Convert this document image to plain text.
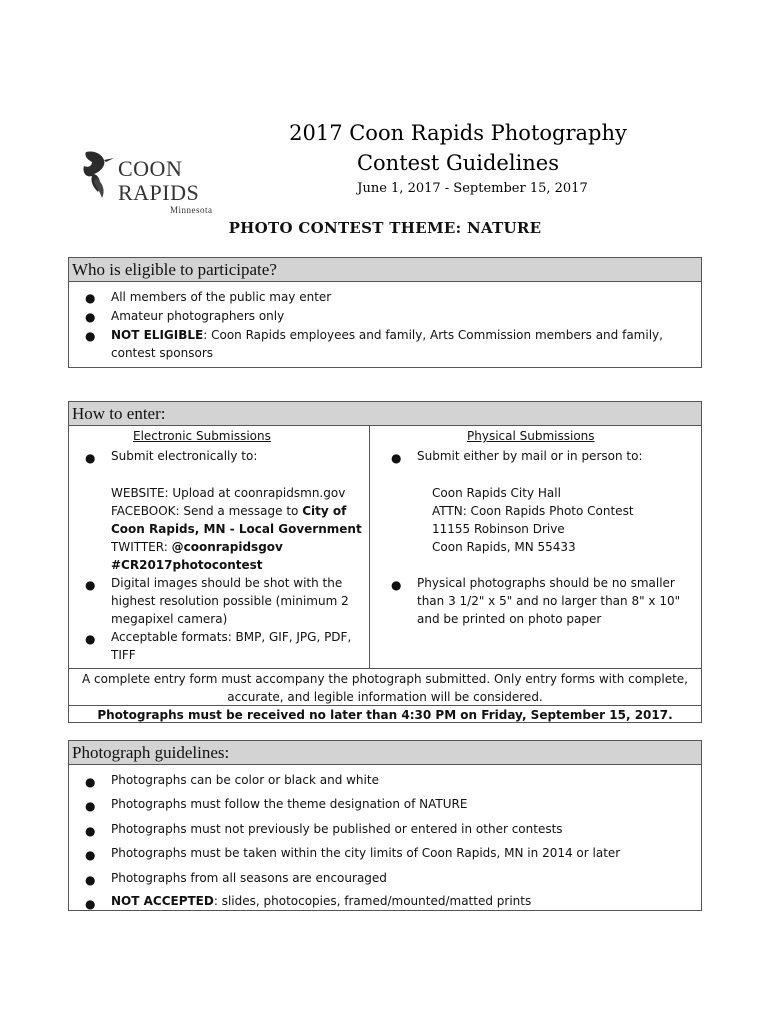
COON
RAPIDS
Minnesota
2017 Coon Rapids Photography
Contest Guidelines
June 1, 2017 - September 15, 2017
PHOTO CONTEST THEME: NATURE
Who is eligible to participate?
● All members of the public may enter
● Amateur photographers only
● NOT ELIGIBLE: Coon Rapids employees and family, Arts Commission members and family,
contest sponsors
How to enter:
Electronic Submissions
● Submit electronically to:
WEBSITE: Upload at coonrapidsmn.gov
FACEBOOK: Send a message to City of
Coon Rapids, MN - Local Government
TWITTER: @coonrapidsgov
#CR2017photocontest
● Digital images should be shot with the
highest resolution possible (minimum 2
megapixel camera)
● Acceptable formats: BMP, GIF, JPG, PDF,
TIFF
Physical Submissions
● Submit either by mail or in person to:
Coon Rapids City Hall
ATTN: Coon Rapids Photo Contest
11155 Robinson Drive
Coon Rapids, MN 55433
● Physical photographs should be no smaller
than 3 1/2" x 5" and no larger than 8" x 10"
and be printed on photo paper
A complete entry form must accompany the photograph submitted. Only entry forms with complete,
accurate, and legible information will be considered.
Photographs must be received no later than 4:30 PM on Friday, September 15, 2017.
Photograph guidelines:
● Photographs can be color or black and white
● Photographs must follow the theme designation of NATURE
● Photographs must not previously be published or entered in other contests
● Photographs must be taken within the city limits of Coon Rapids, MN in 2014 or later
● Photographs from all seasons are encouraged
● NOT ACCEPTED: slides, photocopies, framed/mounted/matted prints
